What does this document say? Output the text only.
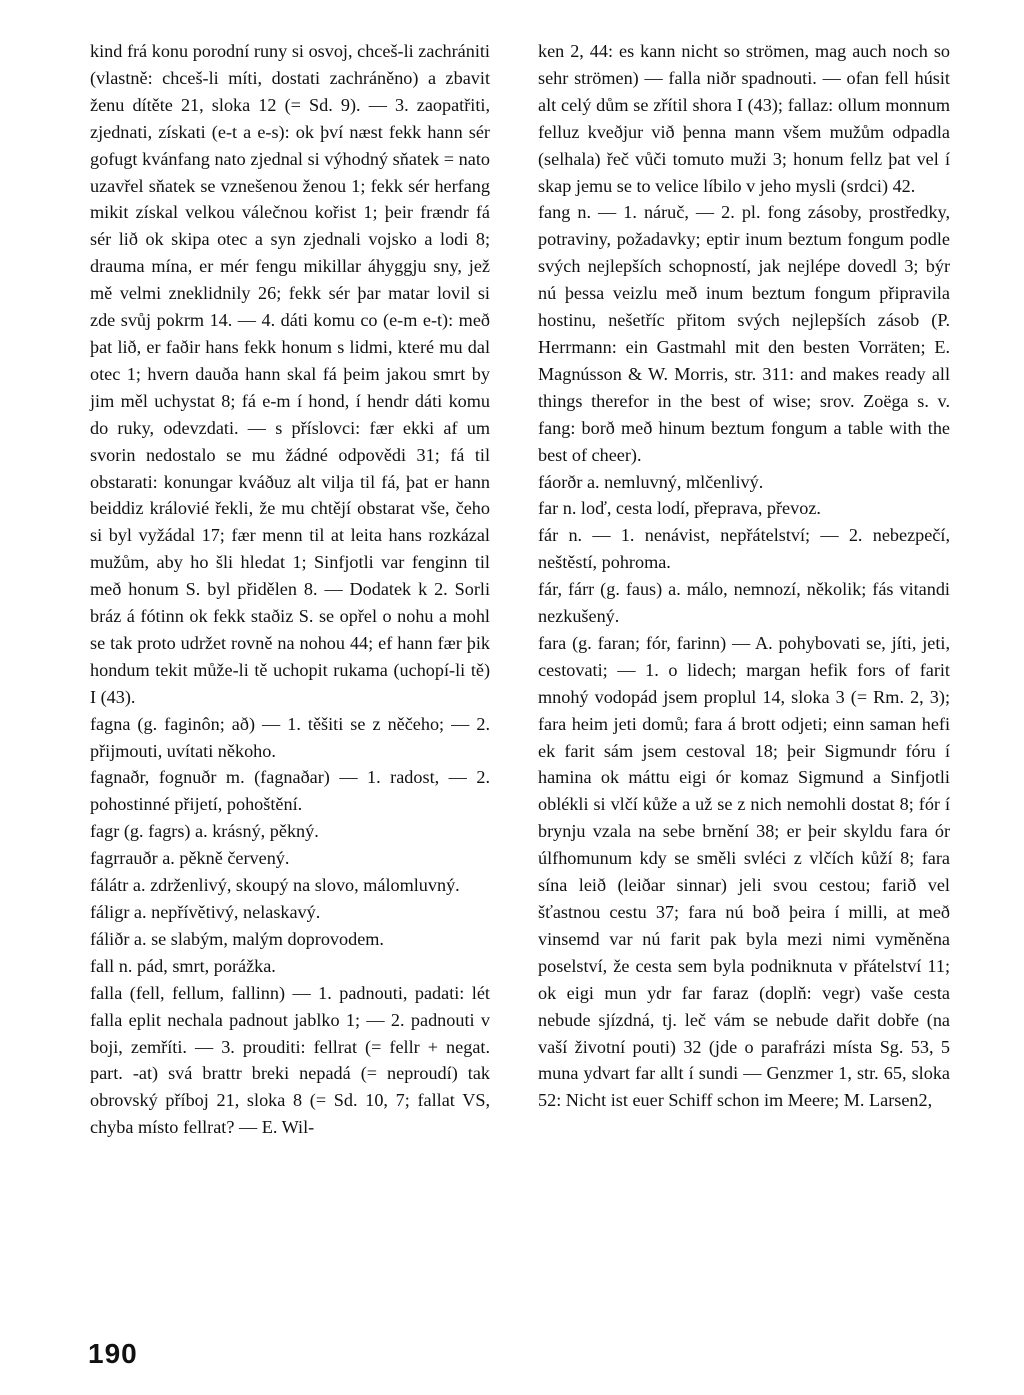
kind frá konu porodní runy si osvoj, chceš-li zachrániti (vlastně: chceš-li míti, dostati zachráněno) a zbavit ženu dítěte 21, sloka 12 (= Sd. 9). — 3. zaopatřiti, zjednati, získati (e-t a e-s): ok því næst fekk hann sér gofugt kvánfang nato zjednal si výhodný sňatek = nato uzavřel sňatek se vznešenou ženou 1; fekk sér herfang mikit získal velkou válečnou kořist 1; þeir frændr fá sér lið ok skipa otec a syn zjednali vojsko a lodi 8; drauma mína, er mér fengu mikillar áhyggju sny, jež mě velmi zneklidnily 26; fekk sér þar matar lovil si zde svůj pokrm 14. — 4. dáti komu co (e-m e-t): með þat lið, er faðir hans fekk honum s lidmi, které mu dal otec 1; hvern dauða hann skal fá þeim jakou smrt by jim měl uchystat 8; fá e-m í hond, í hendr dáti komu do ruky, odevzdati. — s příslovci: fær ekki af um svorin nedostalo se mu žádné odpovědi 31; fá til obstarati: konungar kváðuz alt vilja til fá, þat er hann beiddiz královié řekli, že mu chtějí obstarat vše, čeho si byl vyžádal 17; fær menn til at leita hans rozkázal mužům, aby ho šli hledat 1; Sinfjotli var fenginn til með honum S. byl přidělen 8. — Dodatek k 2. Sorli bráz á fótinn ok fekk staðiz S. se opřel o nohu a mohl se tak proto udržet rovně na nohou 44; ef hann fær þik hondum tekit může-li tě uchopit rukama (uchopí-li tě) I (43).

fagna (g. faginôn; að) — 1. těšiti se z něčeho; — 2. přijmouti, uvítati někoho.

fagnaðr, fognuðr m. (fagnaðar) — 1. radost, — 2. pohostinné přijetí, pohoštění.

fagr (g. fagrs) a. krásný, pěkný.

fagrrauðr a. pěkně červený.

fálátr a. zdrženlivý, skoupý na slovo, málomluvný.

fáligr a. nepřívětivý, nelaskavý.

fáliðr a. se slabým, malým doprovodem.

fall n. pád, smrt, porážka.

falla (fell, fellum, fallinn) — 1. padnouti, padati: lét falla eplit nechala padnout jablko 1; — 2. padnouti v boji, zemříti. — 3. prouditi: fellrat (= fellr + negat. part. -at) svá brattr breki nepadá (= neproudí) tak obrovský příboj 21, sloka 8 (= Sd. 10, 7; fallat VS, chyba místo fellrat? — E. Wil-

ken 2, 44: es kann nicht so strömen, mag auch noch so sehr strömen) — falla niðr spadnouti. — ofan fell húsit alt celý dům se zřítil shora I (43); fallaz: ollum monnum felluz kveðjur við þenna mann všem mužům odpadla (selhala) řeč vůči tomuto muži 3; honum fellz þat vel í skap jemu se to velice líbilo v jeho mysli (srdci) 42.

fang n. — 1. náruč, — 2. pl. fong zásoby, prostředky, potraviny, požadavky; eptir inum beztum fongum podle svých nejlepších schopností, jak nejlépe dovedl 3; býr nú þessa veizlu með inum beztum fongum připravila hostinu, nešetříc přitom svých nejlepších zásob (P. Herrmann: ein Gastmahl mit den besten Vorräten; E. Magnússon & W. Morris, str. 311: and makes ready all things therefor in the best of wise; srov. Zoëga s. v. fang: borð með hinum beztum fongum a table with the best of cheer).

fáorðr a. nemluvný, mlčenlivý.

far n. loď, cesta lodí, přeprava, převoz.

fár n. — 1. nenávist, nepřátelství; — 2. nebezpečí, neštěstí, pohroma.

fár, fárr (g. faus) a. málo, nemnozí, několik; fás vitandi nezkušený.

fara (g. faran; fór, farinn) — A. pohybovati se, jíti, jeti, cestovati; — 1. o lidech; margan hefik fors of farit mnohý vodopád jsem proplul 14, sloka 3 (= Rm. 2, 3); fara heim jeti domů; fara á brott odjeti; einn saman hefi ek farit sám jsem cestoval 18; þeir Sigmundr fóru í hamina ok máttu eigi ór komaz Sigmund a Sinfjotli oblékli si vlčí kůže a už se z nich nemohli dostat 8; fór í brynju vzala na sebe brnění 38; er þeir skyldu fara ór úlfhomunum kdy se směli svléci z vlčích kůží 8; fara sína leið (leiðar sinnar) jeli svou cestou; farið vel šťastnou cestu 37; fara nú boð þeira í milli, at með vinsemd var nú farit pak byla mezi nimi vyměněna poselství, že cesta sem byla podniknuta v přátelství 11; ok eigi mun ydr far faraz (doplň: vegr) vaše cesta nebude sjízdná, tj. leč vám se nebude dařit dobře (na vaší životní pouti) 32 (jde o parafrázi místa Sg. 53, 5 muna ydvart far allt í sundi — Genzmer 1, str. 65, sloka 52: Nicht ist euer Schiff schon im Meere; M. Larsen2,

190
